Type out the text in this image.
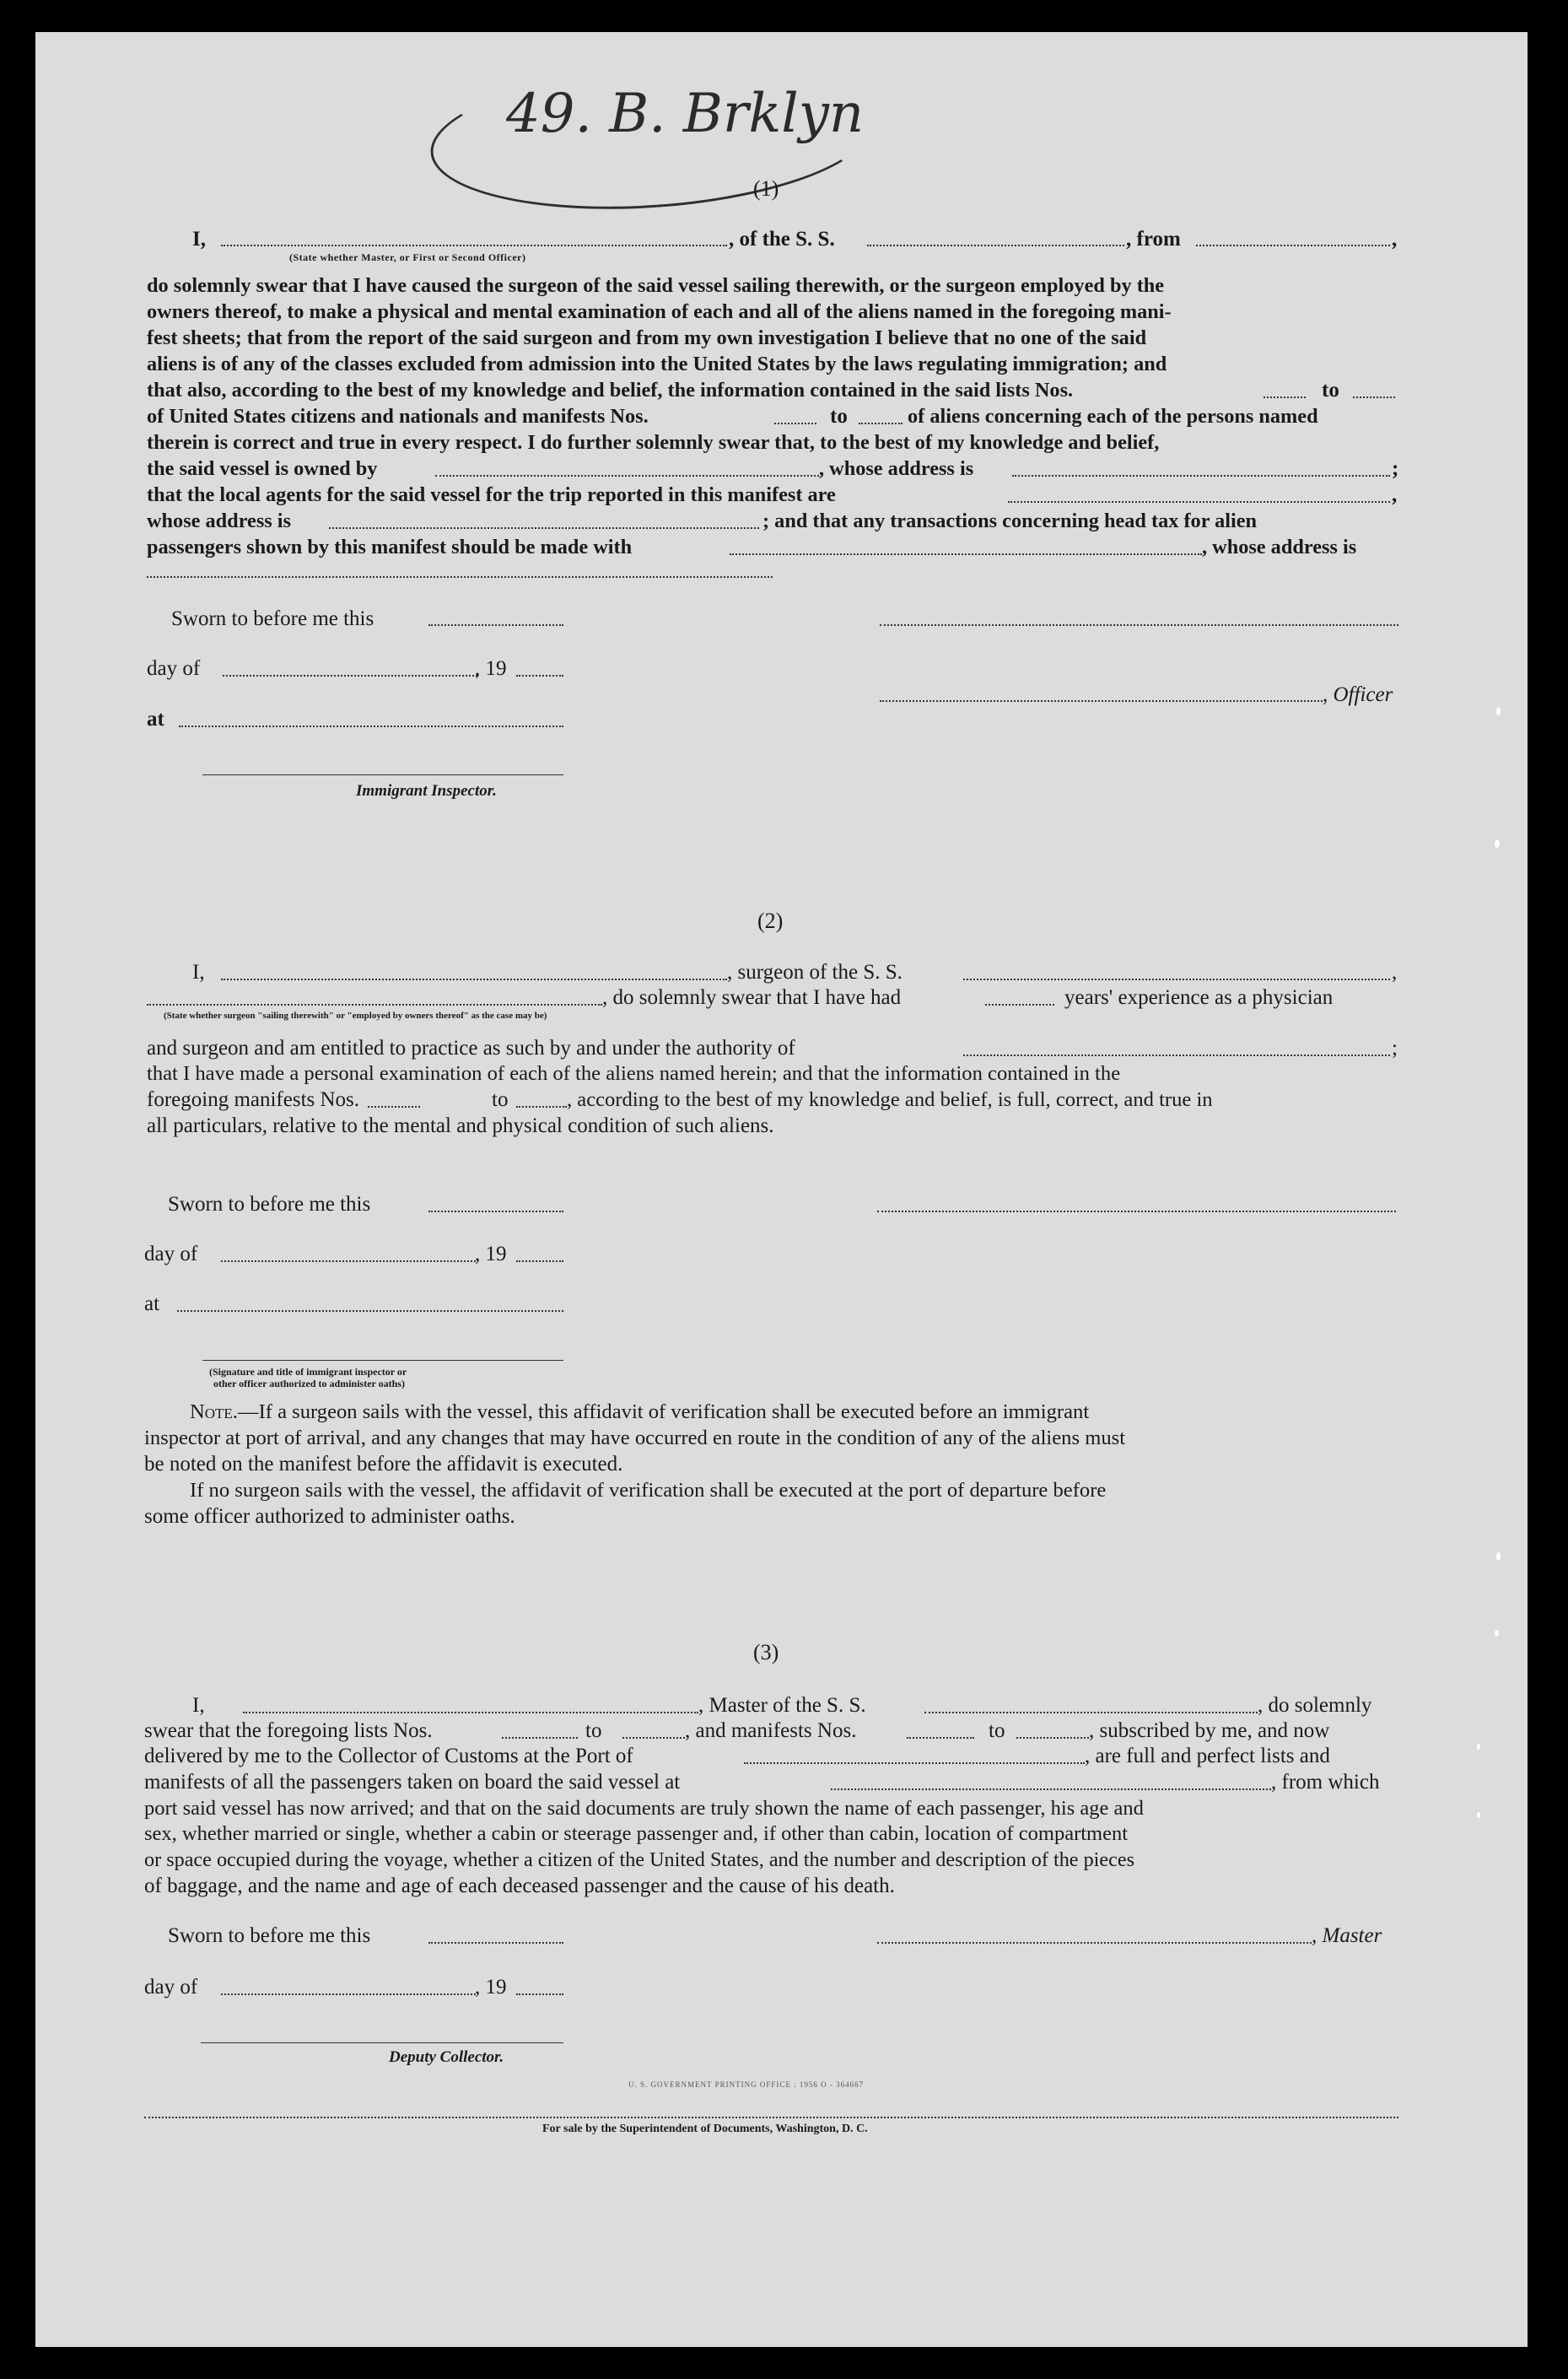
49. B. Brklyn
(1)
I,	, of the S. S.	, from	,
(State whether Master, or First or Second Officer)
do solemnly swear that I have caused the surgeon of the said vessel sailing therewith, or the surgeon employed by the
owners thereof, to make a physical and mental examination of each and all of the aliens named in the foregoing mani-
fest sheets; that from the report of the said surgeon and from my own investigation I believe that no one of the said
aliens is of any of the classes excluded from admission into the United States by the laws regulating immigration; and
that also, according to the best of my knowledge and belief, the information contained in the said lists Nos.	to
of United States citizens and nationals and manifests Nos.	to	of aliens concerning each of the persons named
therein is correct and true in every respect. I do further solemnly swear that, to the best of my knowledge and belief,
the said vessel is owned by	, whose address is	;
that the local agents for the said vessel for the trip reported in this manifest are	,
whose address is	; and that any transactions concerning head tax for alien
passengers shown by this manifest should be made with	, whose address is
Sworn to before me this
day of	, 19
, Officer
at
Immigrant Inspector.
(2)
I,	, surgeon of the S. S.	,
, do solemnly swear that I have had	years' experience as a physician
(State whether surgeon "sailing therewith" or "employed by owners thereof" as the case may be)
and surgeon and am entitled to practice as such by and under the authority of	;
that I have made a personal examination of each of the aliens named herein; and that the information contained in the
foregoing manifests Nos.	to	, according to the best of my knowledge and belief, is full, correct, and true in
all particulars, relative to the mental and physical condition of such aliens.
Sworn to before me this
day of	, 19
at
(Signature and title of immigrant inspector or
other officer authorized to administer oaths)
Note.—If a surgeon sails with the vessel, this affidavit of verification shall be executed before an immigrant
inspector at port of arrival, and any changes that may have occurred en route in the condition of any of the aliens must
be noted on the manifest before the affidavit is executed.
If no surgeon sails with the vessel, the affidavit of verification shall be executed at the port of departure before
some officer authorized to administer oaths.
(3)
I,	, Master of the S. S.	, do solemnly
swear that the foregoing lists Nos.	to	, and manifests Nos.	to	, subscribed by me, and now
delivered by me to the Collector of Customs at the Port of	, are full and perfect lists and
manifests of all the passengers taken on board the said vessel at	, from which
port said vessel has now arrived; and that on the said documents are truly shown the name of each passenger, his age and
sex, whether married or single, whether a cabin or steerage passenger and, if other than cabin, location of compartment
or space occupied during the voyage, whether a citizen of the United States, and the number and description of the pieces
of baggage, and the name and age of each deceased passenger and the cause of his death.
Sworn to before me this	, Master
day of	, 19
Deputy Collector.
U. S. GOVERNMENT PRINTING OFFICE : 1956 O - 364667
For sale by the Superintendent of Documents, Washington, D. C.
